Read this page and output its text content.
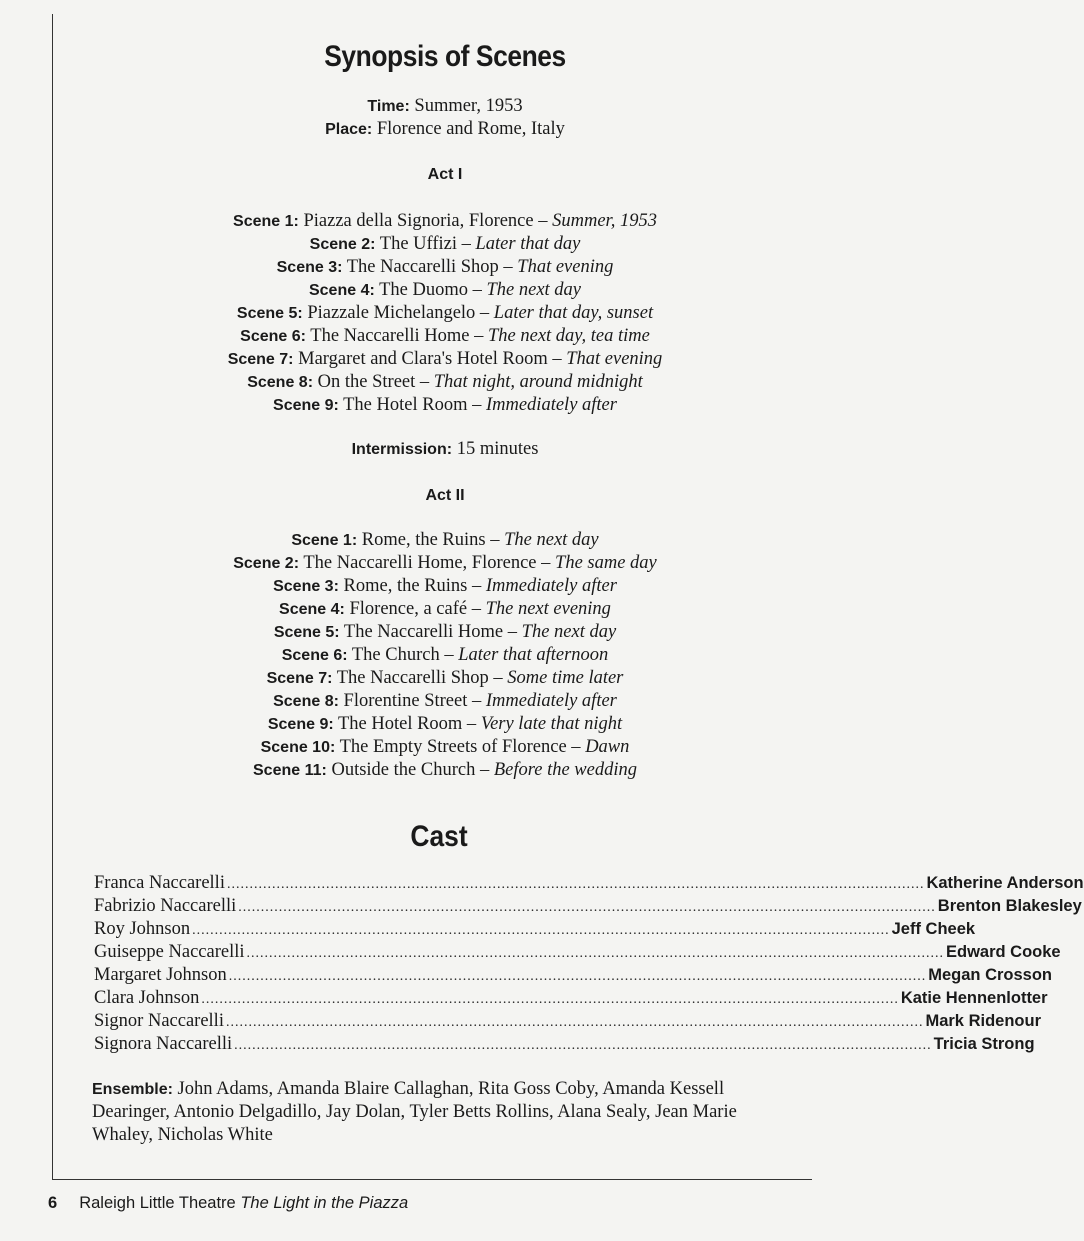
Synopsis of Scenes
Time: Summer, 1953
Place: Florence and Rome, Italy
Act I
Scene 1: Piazza della Signoria, Florence – Summer, 1953
Scene 2: The Uffizi – Later that day
Scene 3: The Naccarelli Shop – That evening
Scene 4: The Duomo – The next day
Scene 5: Piazzale Michelangelo – Later that day, sunset
Scene 6: The Naccarelli Home – The next day, tea time
Scene 7: Margaret and Clara's Hotel Room – That evening
Scene 8: On the Street – That night, around midnight
Scene 9: The Hotel Room – Immediately after
Intermission: 15 minutes
Act II
Scene 1: Rome, the Ruins – The next day
Scene 2: The Naccarelli Home, Florence – The same day
Scene 3: Rome, the Ruins – Immediately after
Scene 4: Florence, a café – The next evening
Scene 5: The Naccarelli Home – The next day
Scene 6: The Church – Later that afternoon
Scene 7: The Naccarelli Shop – Some time later
Scene 8: Florentine Street – Immediately after
Scene 9: The Hotel Room – Very late that night
Scene 10: The Empty Streets of Florence – Dawn
Scene 11: Outside the Church – Before the wedding
Cast
Franca Naccarelli ........................................................................................................................................................... Katherine Anderson
Fabrizio Naccarelli ........................................................................................................................................................... Brenton Blakesley
Roy Johnson ........................................................................................................................................................... Jeff Cheek
Guiseppe Naccarelli ........................................................................................................................................................... Edward Cooke
Margaret Johnson ........................................................................................................................................................... Megan Crosson
Clara Johnson ........................................................................................................................................................... Katie Hennenlotter
Signor Naccarelli ........................................................................................................................................................... Mark Ridenour
Signora Naccarelli ........................................................................................................................................................... Tricia Strong
Ensemble: John Adams, Amanda Blaire Callaghan, Rita Goss Coby, Amanda Kessell Dearinger, Antonio Delgadillo, Jay Dolan, Tyler Betts Rollins, Alana Sealy, Jean Marie Whaley, Nicholas White
6 Raleigh Little Theatre The Light in the Piazza
